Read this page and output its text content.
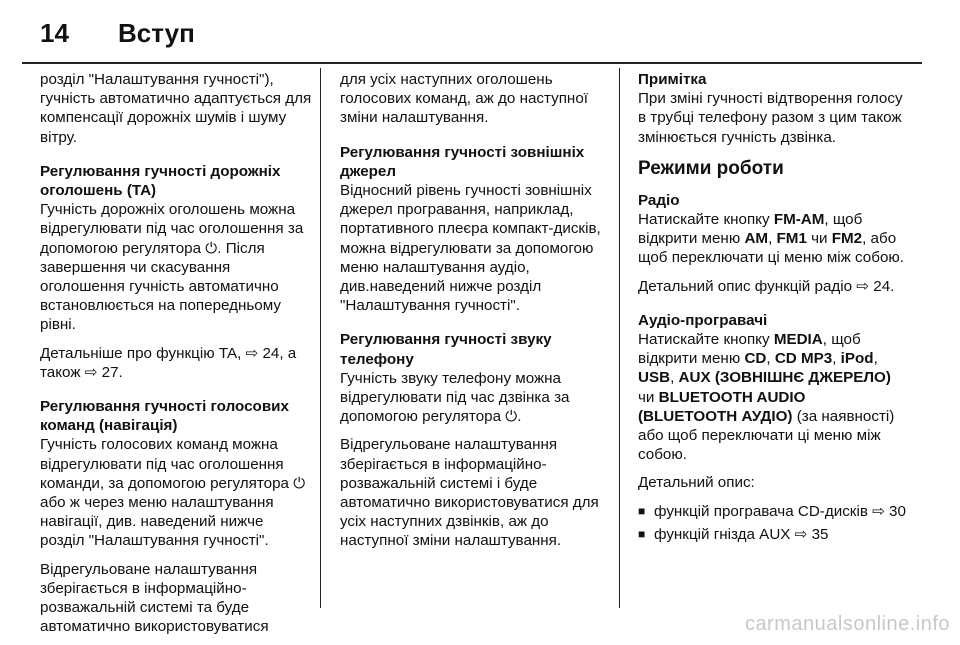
14 Вступ

розділ "Налаштування гучності"), гучність автоматично адаптується для компенсації дорожніх шумів і шуму вітру.

Регулювання гучності дорожніх оголошень (TA)

Гучність дорожніх оголошень можна відрегулювати під час оголошення за допомогою регулятора ⏻. Після завершення чи скасування оголошення гучність автоматично встановлюється на попередньому рівні.

Детальніше про функцію TA, ⇨ 24, а також ⇨ 27.

Регулювання гучності голосових команд (навігація)

Гучність голосових команд можна відрегулювати під час оголошення команди, за допомогою регулятора ⏻ або ж через меню налаштування навігації, див. наведений нижче розділ "Налаштування гучності".

Відрегульоване налаштування зберігається в інформаційно-розважальній системі та буде автоматично використовуватися

для усіх наступних оголошень голосових команд, аж до наступної зміни налаштування.

Регулювання гучності зовнішніх джерел

Відносний рівень гучності зовнішніх джерел програвання, наприклад, портативного плеєра компакт-дисків, можна відрегулювати за допомогою меню налаштування аудіо, див.наведений нижче розділ "Налаштування гучності".

Регулювання гучності звуку телефону

Гучність звуку телефону можна відрегулювати під час дзвінка за допомогою регулятора ⏻.

Відрегульоване налаштування зберігається в інформаційно-розважальній системі і буде автоматично використовуватися для усіх наступних дзвінків, аж до наступної зміни налаштування.

Примітка

При зміні гучності відтворення голосу в трубці телефону разом з цим також змінюється гучність дзвінка.

Режими роботи

Радіо

Натискайте кнопку FM-AM, щоб відкрити меню AM, FM1 чи FM2, або щоб переключати ці меню між собою.

Детальний опис функцій радіо ⇨ 24.

Аудіо-програвачі

Натискайте кнопку MEDIA, щоб відкрити меню CD, CD MP3, iPod, USB, AUX (ЗОВНІШНЄ ДЖЕРЕЛО) чи BLUETOOTH AUDIO (BLUETOOTH АУДІО) (за наявності) або щоб переключати ці меню між собою.

Детальний опис:

■ функцій програвача CD-дисків ⇨ 30

■ функцій гнізда AUX ⇨ 35

carmanualsonline.info
